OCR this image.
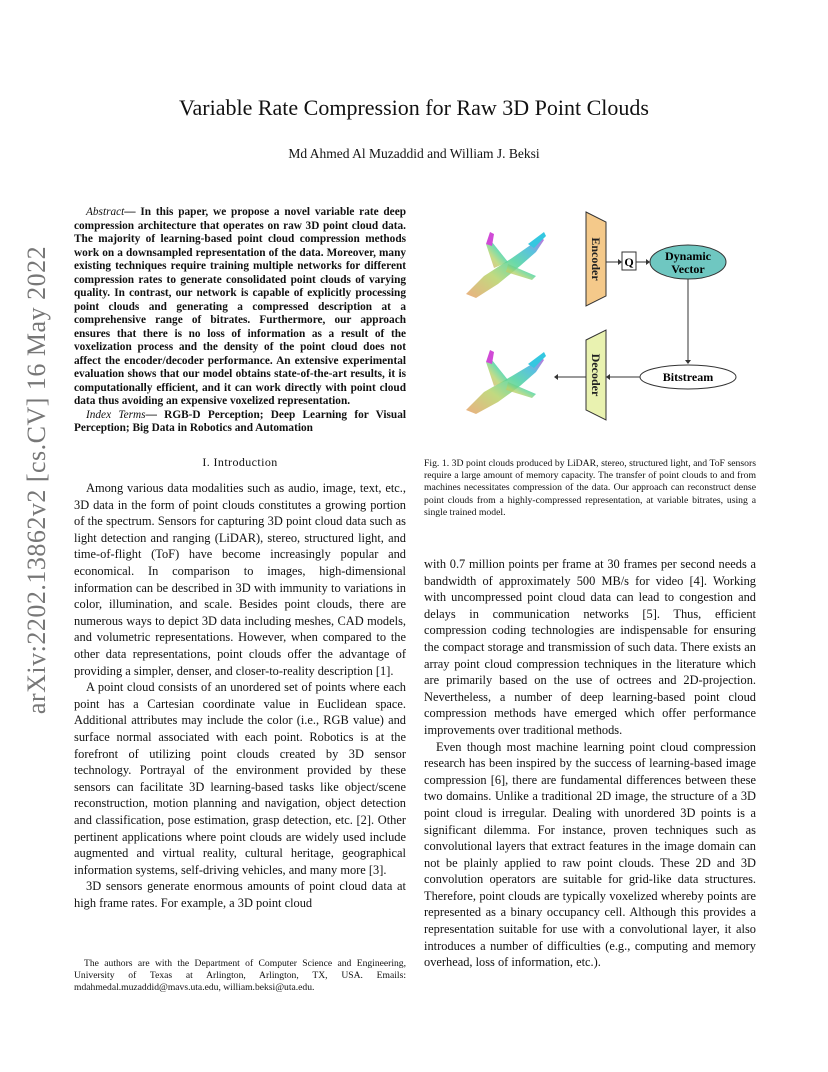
Variable Rate Compression for Raw 3D Point Clouds
Md Ahmed Al Muzaddid and William J. Beksi
arXiv:2202.13862v2 [cs.CV] 16 May 2022

Abstract— In this paper, we propose a novel variable rate deep compression architecture that operates on raw 3D point cloud data. The majority of learning-based point cloud compression methods work on a downsampled representation of the data. Moreover, many existing techniques require training multiple networks for different compression rates to generate consolidated point clouds of varying quality. In contrast, our network is capable of explicitly processing point clouds and generating a compressed description at a comprehensive range of bitrates. Furthermore, our approach ensures that there is no loss of information as a result of the voxelization process and the density of the point cloud does not affect the encoder/decoder performance. An extensive experimental evaluation shows that our model obtains state-of-the-art results, it is computationally efficient, and it can work directly with point cloud data thus avoiding an expensive voxelized representation.

Index Terms— RGB-D Perception; Deep Learning for Visual Perception; Big Data in Robotics and Automation

I. Introduction

Among various data modalities such as audio, image, text, etc., 3D data in the form of point clouds constitutes a growing portion of the spectrum. Sensors for capturing 3D point cloud data such as light detection and ranging (LiDAR), stereo, structured light, and time-of-flight (ToF) have become increasingly popular and economical. In comparison to images, high-dimensional information can be described in 3D with immunity to variations in color, illumination, and scale. Besides point clouds, there are numerous ways to depict 3D data including meshes, CAD models, and volumetric representations. However, when compared to the other data representations, point clouds offer the advantage of providing a simpler, denser, and closer-to-reality description [1].

A point cloud consists of an unordered set of points where each point has a Cartesian coordinate value in Euclidean space. Additional attributes may include the color (i.e., RGB value) and surface normal associated with each point. Robotics is at the forefront of utilizing point clouds created by 3D sensor technology. Portrayal of the environment provided by these sensors can facilitate 3D learning-based tasks like object/scene reconstruction, motion planning and navigation, object detection and classification, pose estimation, grasp detection, etc. [2]. Other pertinent applications where point clouds are widely used include augmented and virtual reality, cultural heritage, geographical information systems, self-driving vehicles, and many more [3].

3D sensors generate enormous amounts of point cloud data at high frame rates. For example, a 3D point cloud

The authors are with the Department of Computer Science and Engineering, University of Texas at Arlington, Arlington, TX, USA. Emails: mdahmedal.muzaddid@mavs.uta.edu, william.beksi@uta.edu.

Encoder Q	Dynamic
Vector
Bitstream
Decoder
Fig. 1. 3D point clouds produced by LiDAR, stereo, structured light, and ToF sensors require a large amount of memory capacity. The transfer of point clouds to and from machines necessitates compression of the data. Our approach can reconstruct dense point clouds from a highly-compressed representation, at variable bitrates, using a single trained model.

with 0.7 million points per frame at 30 frames per second needs a bandwidth of approximately 500 MB/s for video [4]. Working with uncompressed point cloud data can lead to congestion and delays in communication networks [5]. Thus, efficient compression coding technologies are indispensable for ensuring the compact storage and transmission of such data. There exists an array point cloud compression techniques in the literature which are primarily based on the use of octrees and 2D-projection. Nevertheless, a number of deep learning-based point cloud compression methods have emerged which offer performance improvements over traditional methods.

Even though most machine learning point cloud compression research has been inspired by the success of learning-based image compression [6], there are fundamental differences between these two domains. Unlike a traditional 2D image, the structure of a 3D point cloud is irregular. Dealing with unordered 3D points is a significant dilemma. For instance, proven techniques such as convolutional layers that extract features in the image domain can not be plainly applied to raw point clouds. These 2D and 3D convolution operators are suitable for grid-like data structures. Therefore, point clouds are typically voxelized whereby points are represented as a binary occupancy cell. Although this provides a representation suitable for use with a convolutional layer, it also introduces a number of difficulties (e.g., computing and memory overhead, loss of information, etc.).
